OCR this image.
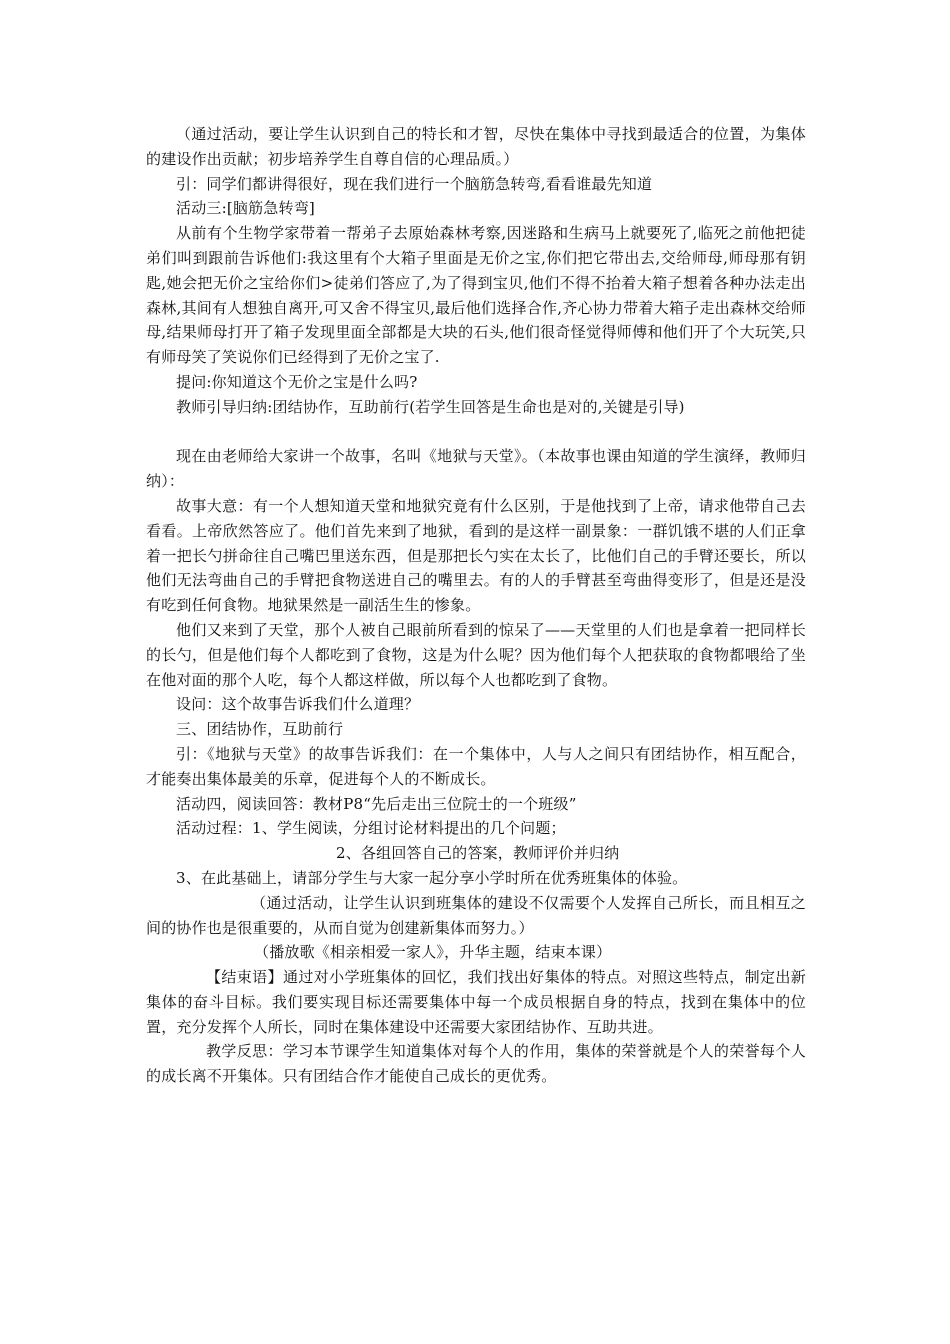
（通过活动，要让学生认识到自己的特长和才智，尽快在集体中寻找到最适合的位置，为集体的建设作出贡献；初步培养学生自尊自信的心理品质。）

引：同学们都讲得很好，现在我们进行一个脑筋急转弯,看看谁最先知道

活动三:[脑筋急转弯]

从前有个生物学家带着一帮弟子去原始森林考察,因迷路和生病马上就要死了,临死之前他把徒弟们叫到跟前告诉他们:我这里有个大箱子里面是无价之宝,你们把它带出去,交给师母,师母那有钥匙,她会把无价之宝给你们>徒弟们答应了,为了得到宝贝,他们不得不抬着大箱子想着各种办法走出森林,其间有人想独自离开,可又舍不得宝贝,最后他们选择合作,齐心协力带着大箱子走出森林交给师母,结果师母打开了箱子发现里面全部都是大块的石头,他们很奇怪觉得师傅和他们开了个大玩笑,只有师母笑了笑说你们已经得到了无价之宝了.

提问:你知道这个无价之宝是什么吗?

教师引导归纳:团结协作，互助前行(若学生回答是生命也是对的,关键是引导)

现在由老师给大家讲一个故事，名叫《地狱与天堂》。（本故事也课由知道的学生演绎，教师归纳）：

故事大意：有一个人想知道天堂和地狱究竟有什么区别，于是他找到了上帝，请求他带自己去看看。上帝欣然答应了。他们首先来到了地狱，看到的是这样一副景象：一群饥饿不堪的人们正拿着一把长勺拼命往自己嘴巴里送东西，但是那把长勺实在太长了，比他们自己的手臂还要长，所以他们无法弯曲自己的手臂把食物送进自己的嘴里去。有的人的手臂甚至弯曲得变形了，但是还是没有吃到任何食物。地狱果然是一副活生生的惨象。

他们又来到了天堂，那个人被自己眼前所看到的惊呆了——天堂里的人们也是拿着一把同样长的长勺，但是他们每个人都吃到了食物，这是为什么呢？因为他们每个人把获取的食物都喂给了坐在他对面的那个人吃，每个人都这样做，所以每个人也都吃到了食物。

设问：这个故事告诉我们什么道理？

三、团结协作，互助前行

引：《地狱与天堂》的故事告诉我们：在一个集体中，人与人之间只有团结协作，相互配合，才能奏出集体最美的乐章，促进每个人的不断成长。

活动四，阅读回答：教材P8“先后走出三位院士的一个班级”

活动过程：1、学生阅读，分组讨论材料提出的几个问题；

2、各组回答自己的答案，教师评价并归纳

3、在此基础上，请部分学生与大家一起分享小学时所在优秀班集体的体验。

（通过活动，让学生认识到班集体的建设不仅需要个人发挥自己所长，而且相互之间的协作也是很重要的，从而自觉为创建新集体而努力。）

（播放歌《相亲相爱一家人》，升华主题，结束本课）

【结束语】通过对小学班集体的回忆，我们找出好集体的特点。对照这些特点，制定出新集体的奋斗目标。我们要实现目标还需要集体中每一个成员根据自身的特点，找到在集体中的位置，充分发挥个人所长，同时在集体建设中还需要大家团结协作、互助共进。

教学反思：学习本节课学生知道集体对每个人的作用，集体的荣誉就是个人的荣誉每个人的成长离不开集体。只有团结合作才能使自己成长的更优秀。
